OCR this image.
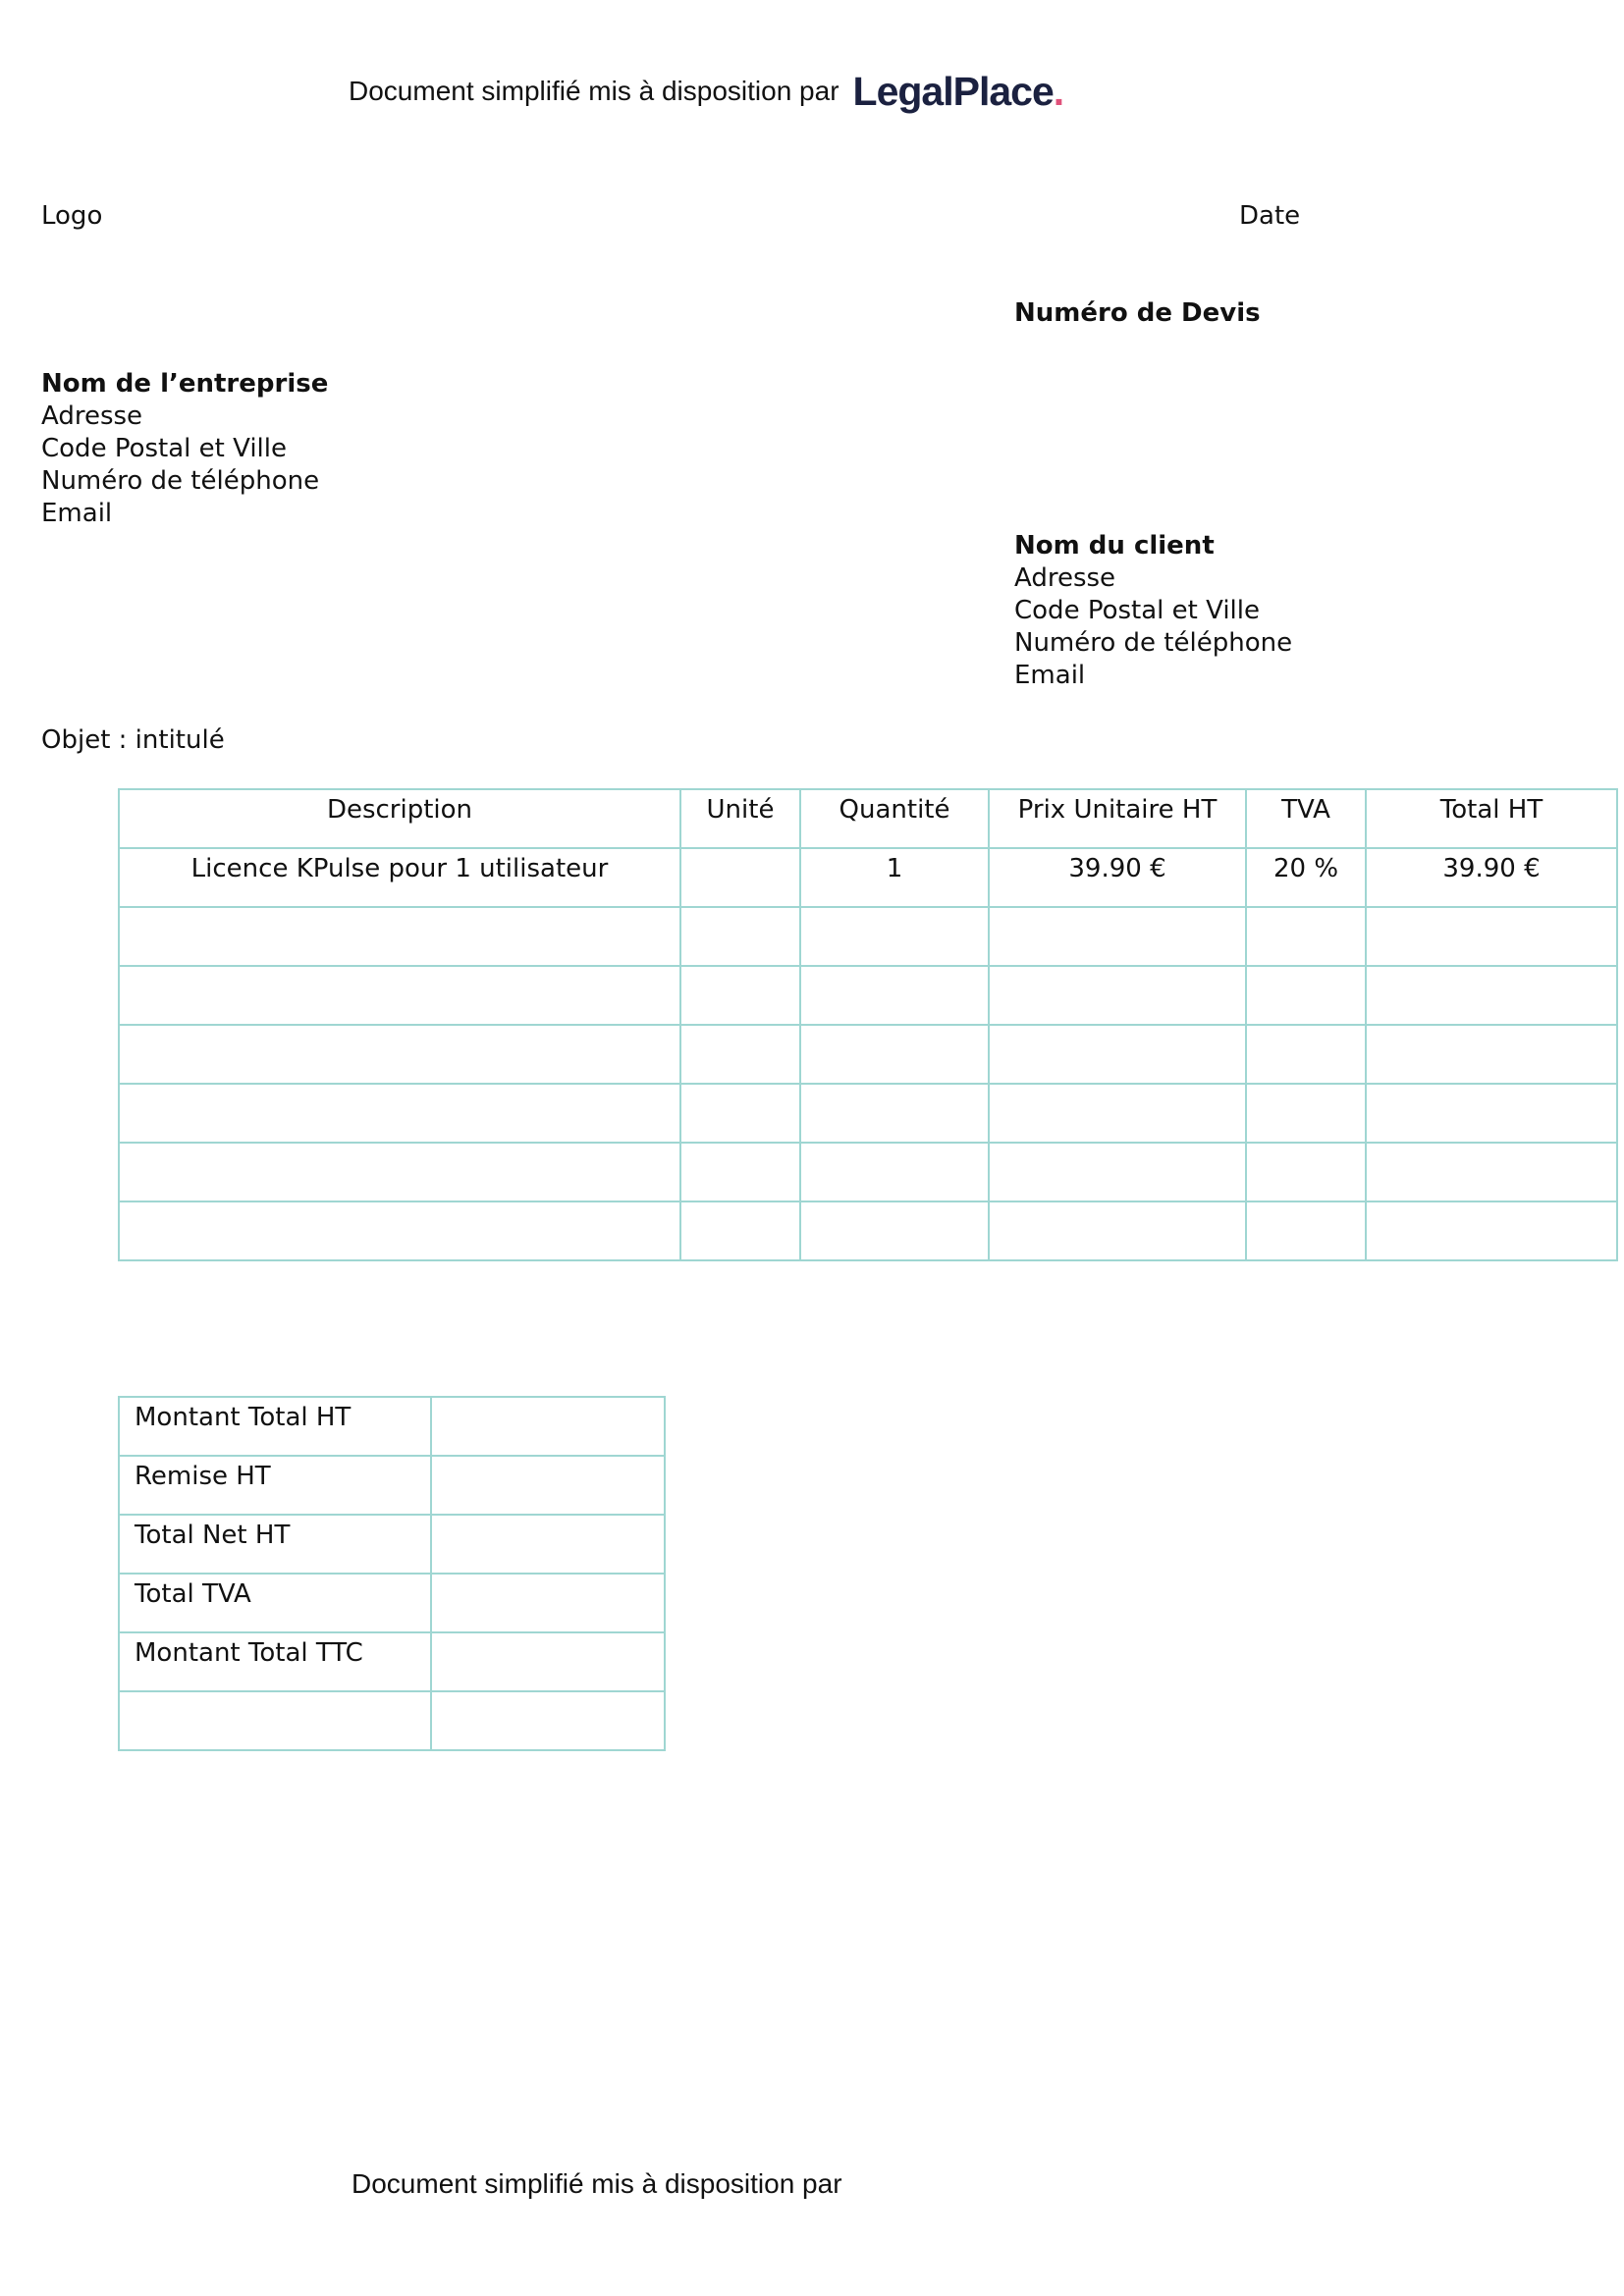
Document simplifié mis à disposition par LegalPlace.
Logo	Date
Numéro de Devis
Nom de l’entreprise
Adresse
Code Postal et Ville
Numéro de téléphone
Email
Nom du client
Adresse
Code Postal et Ville
Numéro de téléphone
Email
Objet : intitulé
Description	Unité	Quantité	Prix Unitaire HT	TVA	Total HT
Licence KPulse pour 1 utilisateur		1	39.90 €	20 %	39.90 €

Montant Total HT	
Remise HT	
Total Net HT	
Total TVA	
Montant Total TTC	

Document simplifié mis à disposition par
